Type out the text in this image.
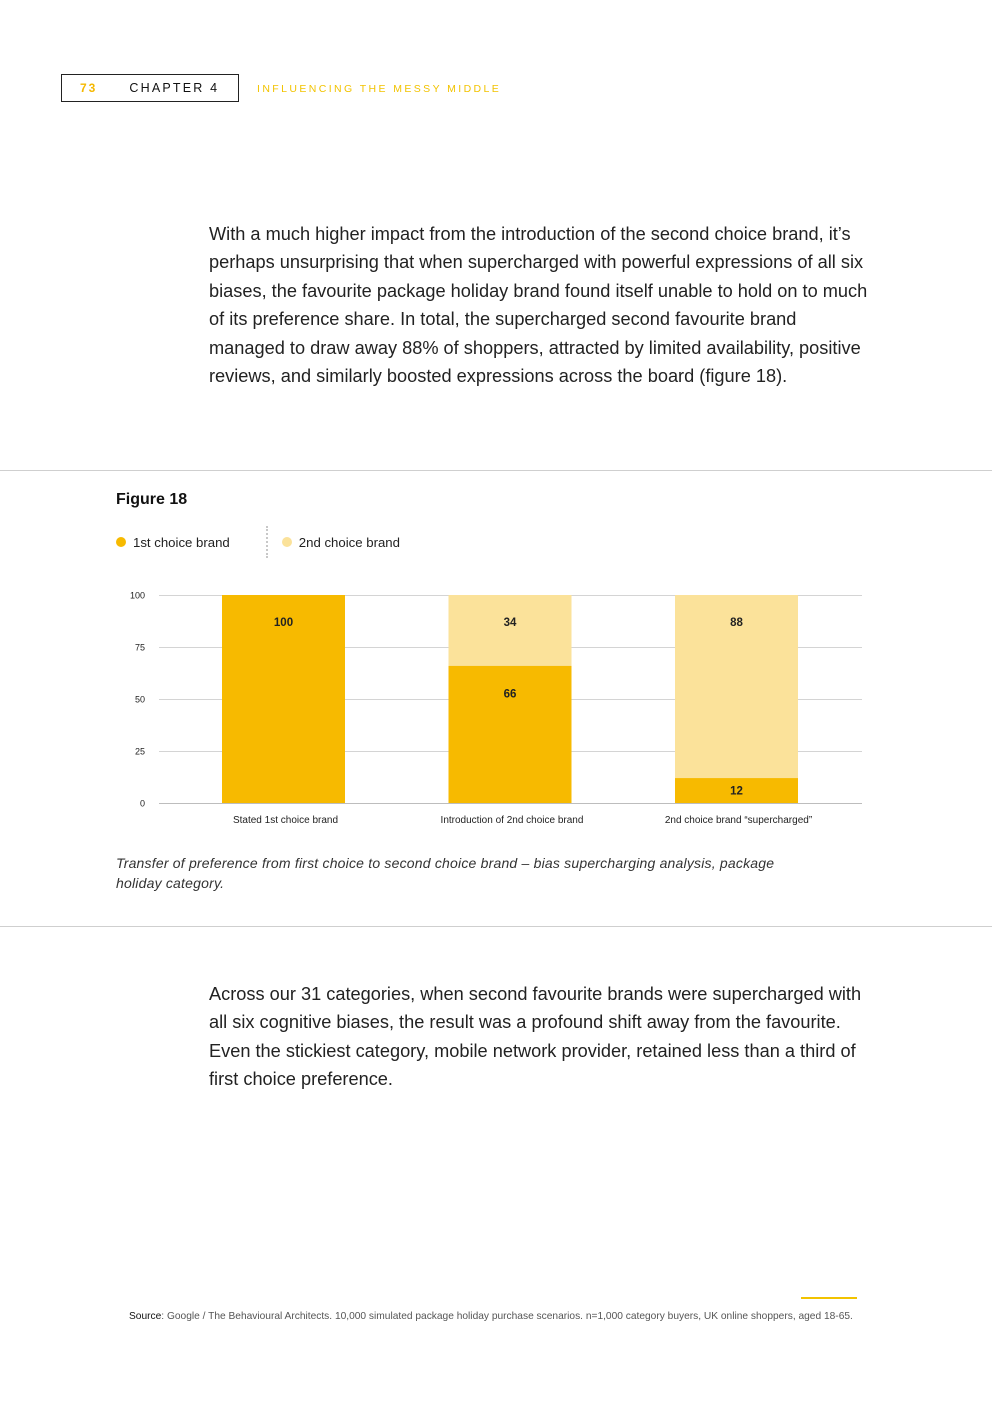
73	CHAPTER 4	INFLUENCING THE MESSY MIDDLE
With a much higher impact from the introduction of the second choice brand, it’s perhaps unsurprising that when supercharged with powerful expressions of all six biases, the favourite package holiday brand found itself unable to hold on to much of its preference share. In total, the supercharged second favourite brand managed to draw away 88% of shoppers, attracted by limited availability, positive reviews, and similarly boosted expressions across the board (figure 18).
Figure 18
1st choice brand	2nd choice brand
0
25
50
75
100
100
Stated 1st choice brand
66
34
Introduction of 2nd choice brand
12
88
2nd choice brand “supercharged”
Transfer of preference from first choice to second choice brand – bias supercharging analysis, package holiday category.
Across our 31 categories, when second favourite brands were supercharged with all six cognitive biases, the result was a profound shift away from the favourite. Even the stickiest category, mobile network provider, retained less than a third of first choice preference.
Source: Google / The Behavioural Architects. 10,000 simulated package holiday purchase scenarios. n=1,000 category buyers, UK online shoppers, aged 18-65.
